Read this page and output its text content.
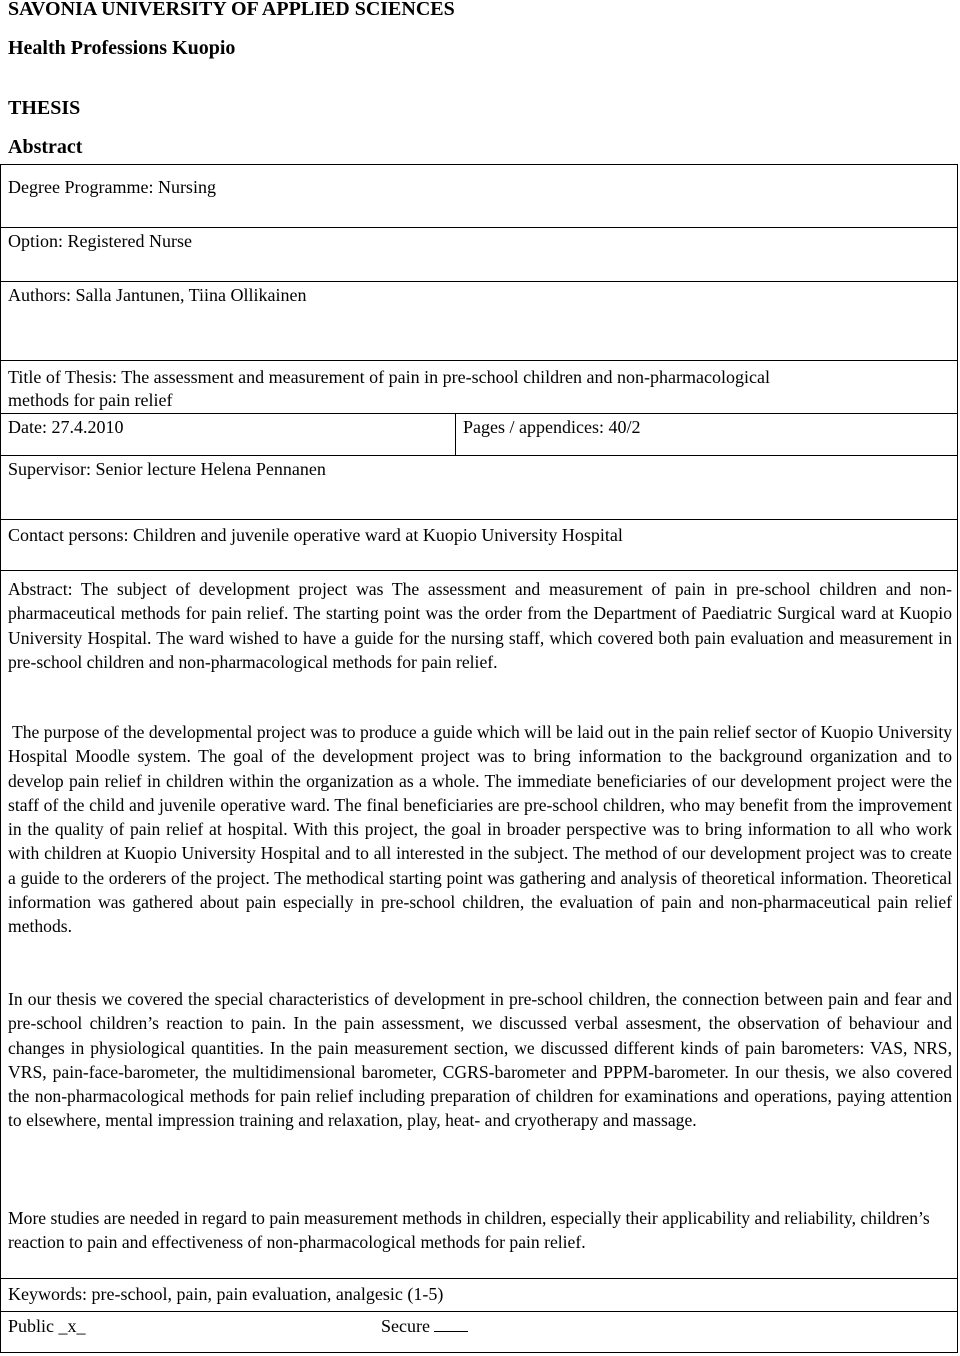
SAVONIA UNIVERSITY OF APPLIED SCIENCES
Health Professions Kuopio
THESIS
Abstract
Degree Programme: Nursing
Option: Registered Nurse
Authors: Salla Jantunen, Tiina Ollikainen
Title of Thesis: The assessment and measurement of pain in pre-school children and non-pharmacological
methods for pain relief
Date: 27.4.2010	Pages / appendices: 40/2
Supervisor: Senior lecture Helena Pennanen
Contact persons: Children and juvenile operative ward at Kuopio University Hospital
Abstract: The subject of development project was The assessment and measurement of pain in pre-school children and non-pharmaceutical methods for pain relief. The starting point was the order from the Department of Paediatric Surgical ward at Kuopio University Hospital. The ward wished to have a guide for the nursing staff, which covered both pain evaluation and measurement in pre-school children and non-pharmacological methods for pain relief.
The purpose of the developmental project was to produce a guide which will be laid out in the pain relief sector of Kuopio University Hospital Moodle system. The goal of the development project was to bring information to the background organization and to develop pain relief in children within the organization as a whole. The immediate beneficiaries of our development project were the staff of the child and juvenile operative ward. The final beneficiaries are pre-school children, who may benefit from the improvement in the quality of pain relief at hospital. With this project, the goal in broader perspective was to bring information to all who work with children at Kuopio University Hospital and to all interested in the subject. The method of our development project was to create a guide to the orderers of the project. The methodical starting point was gathering and analysis of theoretical information. Theoretical information was gathered about pain especially in pre-school children, the evaluation of pain and non-pharmaceutical pain relief methods.
In our thesis we covered the special characteristics of development in pre-school children, the connection between pain and fear and pre-school children’s reaction to pain. In the pain assessment, we discussed verbal assesment, the observation of behaviour and changes in physiological quantities. In the pain measurement section, we discussed different kinds of pain barometers: VAS, NRS, VRS, pain-face-barometer, the multidimensional barometer, CGRS-barometer and PPPM-barometer. In our thesis, we also covered the non-pharmacological methods for pain relief including preparation of children for examinations and operations, paying attention to elsewhere, mental impression training and relaxation, play, heat- and cryotherapy and massage.
More studies are needed in regard to pain measurement methods in children, especially their applicability and reliability, children’s reaction to pain and effectiveness of non-pharmacological methods for pain relief.
Keywords: pre-school, pain, pain evaluation, analgesic (1-5)
Public _x_	Secure
